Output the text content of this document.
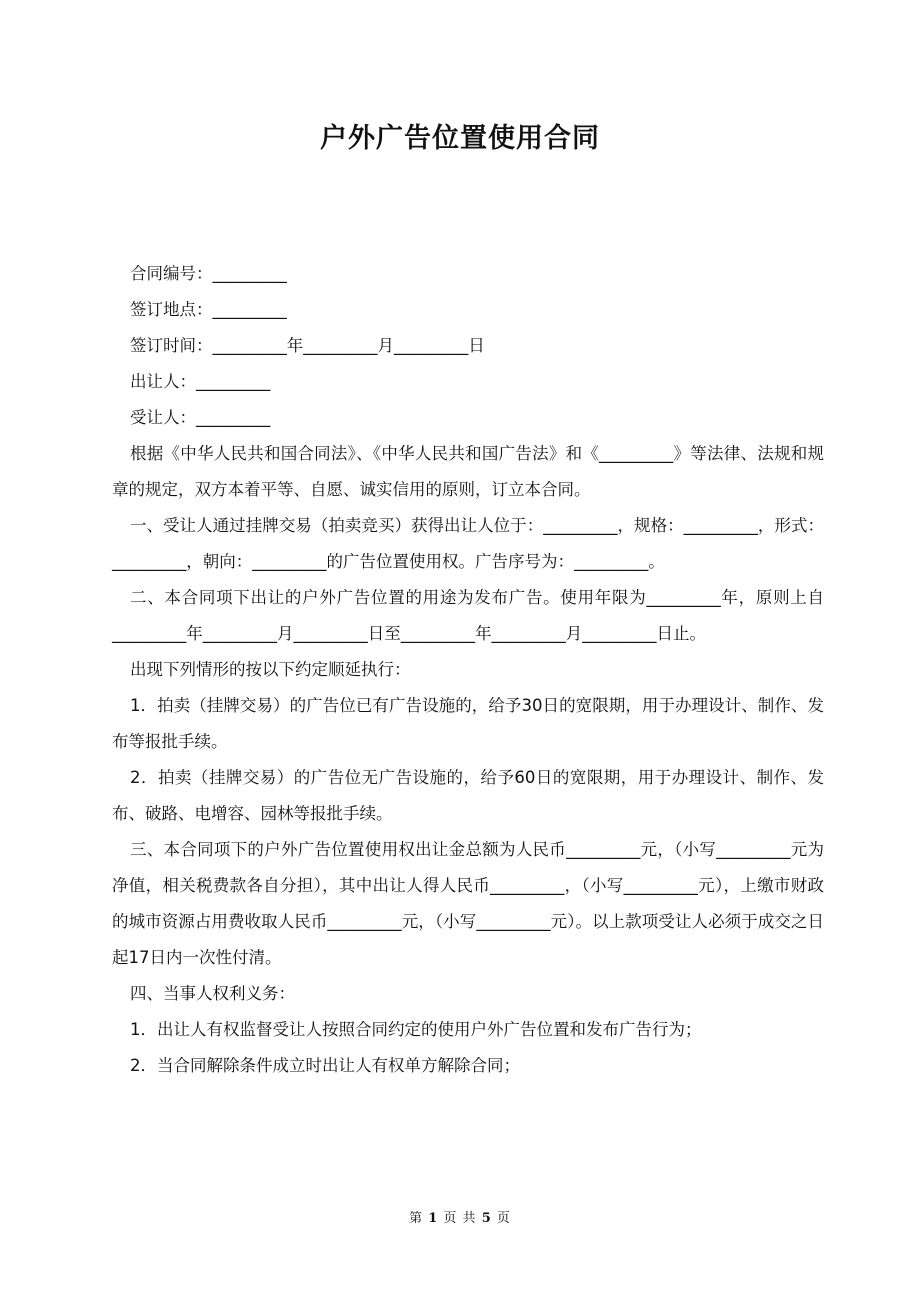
户外广告位置使用合同

合同编号：_________

签订地点：_________

签订时间：_________年_________月_________日

出让人：_________

受让人：_________

根据《中华人民共和国合同法》、《中华人民共和国广告法》和《_________》等法律、法规和规章的规定，双方本着平等、自愿、诚实信用的原则，订立本合同。

一、受让人通过挂牌交易（拍卖竞买）获得出让人位于：_________，规格：_________，形式：_________，朝向：_________的广告位置使用权。广告序号为：_________。

二、本合同项下出让的户外广告位置的用途为发布广告。使用年限为_________年，原则上自_________年_________月_________日至_________年_________月_________日止。

出现下列情形的按以下约定顺延执行：

1．拍卖（挂牌交易）的广告位已有广告设施的，给予30日的宽限期，用于办理设计、制作、发布等报批手续。

2．拍卖（挂牌交易）的广告位无广告设施的，给予60日的宽限期，用于办理设计、制作、发布、破路、电增容、园林等报批手续。

三、本合同项下的户外广告位置使用权出让金总额为人民币_________元，（小写_________元为净值，相关税费款各自分担），其中出让人得人民币_________，（小写_________元），上缴市财政的城市资源占用费收取人民币_________元，（小写_________元）。以上款项受让人必须于成交之日起17日内一次性付清。

四、当事人权利义务：

1．出让人有权监督受让人按照合同约定的使用户外广告位置和发布广告行为；

2．当合同解除条件成立时出让人有权单方解除合同；

第 1 页 共 5 页
